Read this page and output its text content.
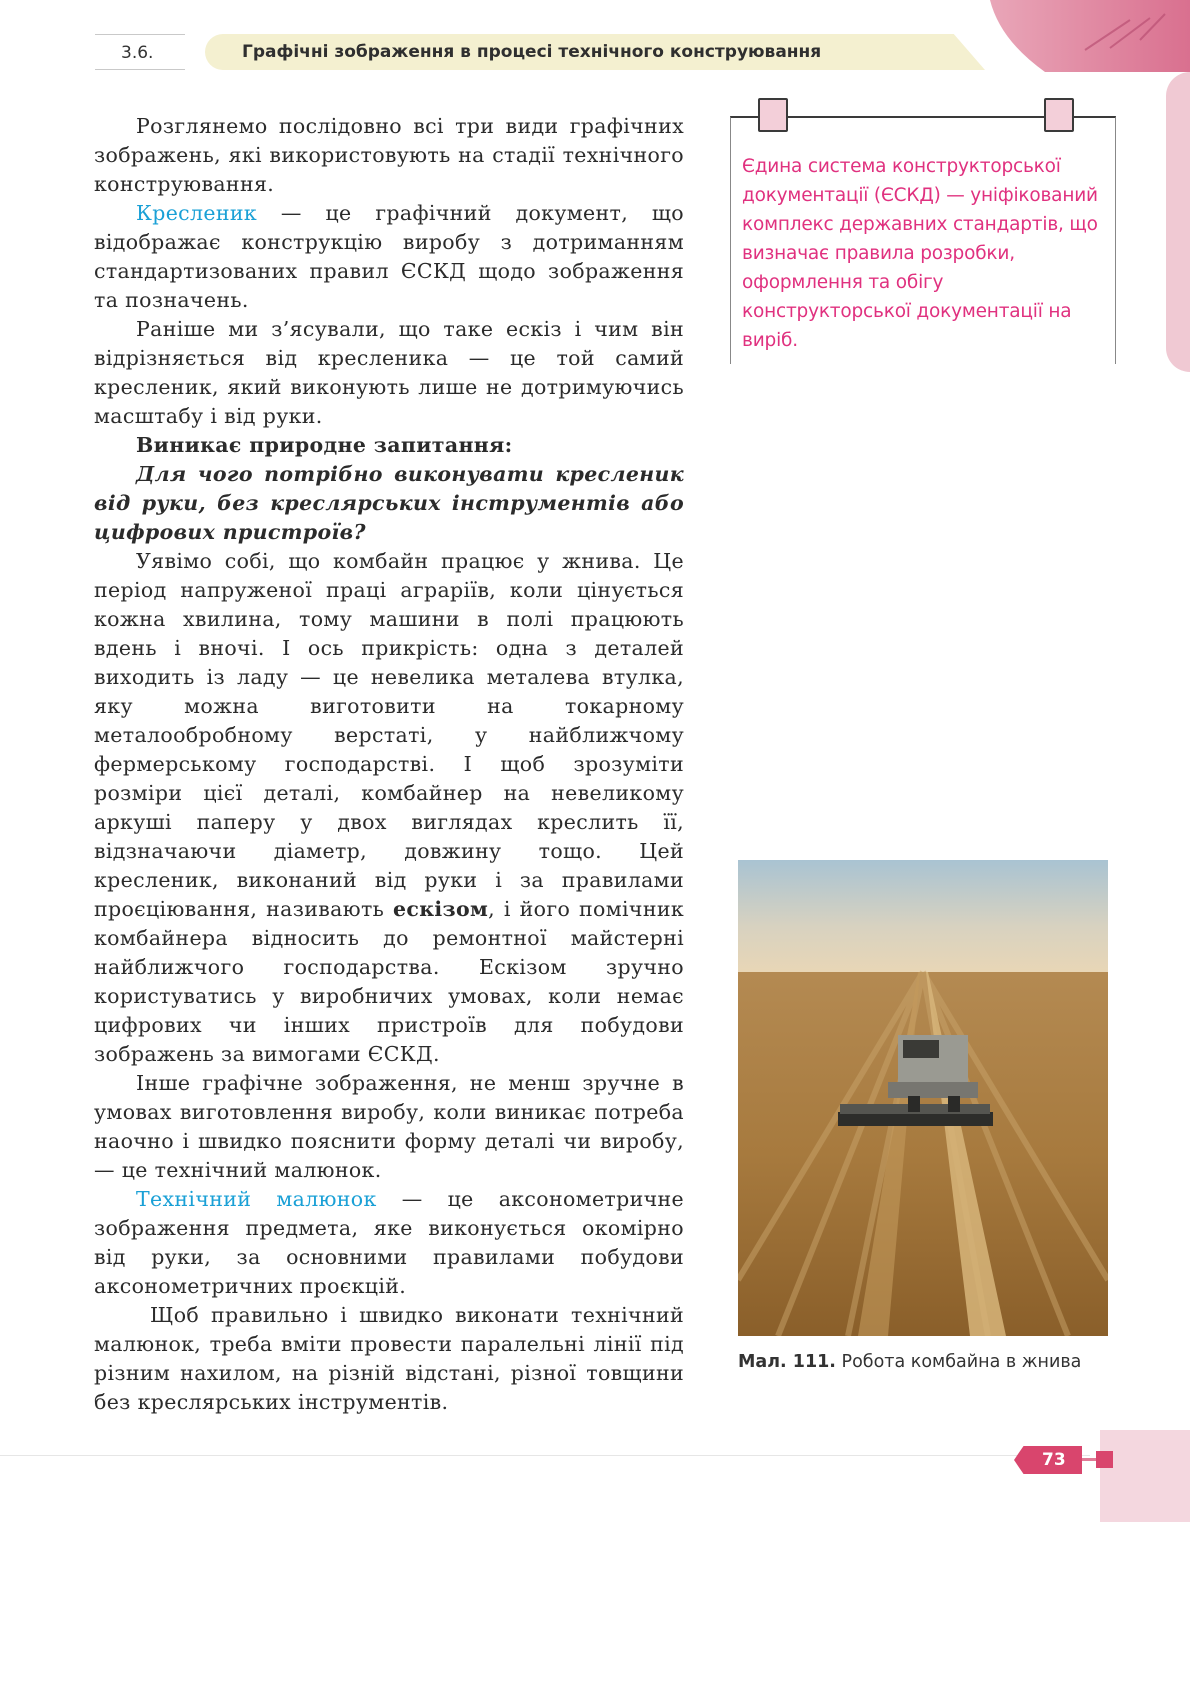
3.6.	Графічні зображення в процесі технічного конструювання

Розглянемо послідовно всі три види графічних зображень, які використовують на стадії технічного конструювання.

Креслeник — це графічний документ, що відображає конструкцію виробу з дотриманням стандартизованих правил ЄСКД щодо зображення та позначень.

Раніше ми з’ясували, що таке ескіз і чим він відрізняється від кресленика — це той самий кресленик, який виконують лише не дотримуючись масштабу і від руки.

Виникає природне запитання:

Для чого потрібно виконувати кресленик від руки, без креслярських інструментів або цифрових пристроїв?

Уявімо собі, що комбайн працює у жнива. Це період напруженої праці аграріїв, коли цінується кожна хвилина, тому машини в полі працюють вдень і вночі. І ось прикрість: одна з деталей виходить із ладу — це невелика металева втулка, яку можна виготовити на токарному металообробному верстаті, у найближчому фермерському господарстві. І щоб зрозуміти розміри цієї деталі, комбайнер на невеликому аркуші паперу у двох виглядах креслить її, відзначаючи діаметр, довжину тощо. Цей кресленик, виконаний від руки і за правилами проєціювання, називають ескізом, і його помічник комбайнера відносить до ремонтної майстерні найближчого господарства. Ескізом зручно користуватись у виробничих умовах, коли немає цифрових чи інших пристроїв для побудови зображень за вимогами ЄСКД.

Інше графічне зображення, не менш зручне в умовах виготовлення виробу, коли виникає потреба наочно і швидко пояснити форму деталі чи виробу, — це технічний малюнок.

Технічний малюнок — це аксонометричне зображення предмета, яке виконується окомірно від руки, за основними правилами побудови аксонометричних проєкцій.

Щоб правильно і швидко виконати технічний малюнок, треба вміти провести паралельні лінії під різним нахилом, на різній відстані, різної товщини без креслярських інструментів.

Єдина система конструкторської документації (ЄСКД) — уніфікований комплекс державних стандартів, що визначає правила розробки, оформлення та обігу конструкторської документації на виріб.
Мал. 111. Робота комбайна в жнива
73
